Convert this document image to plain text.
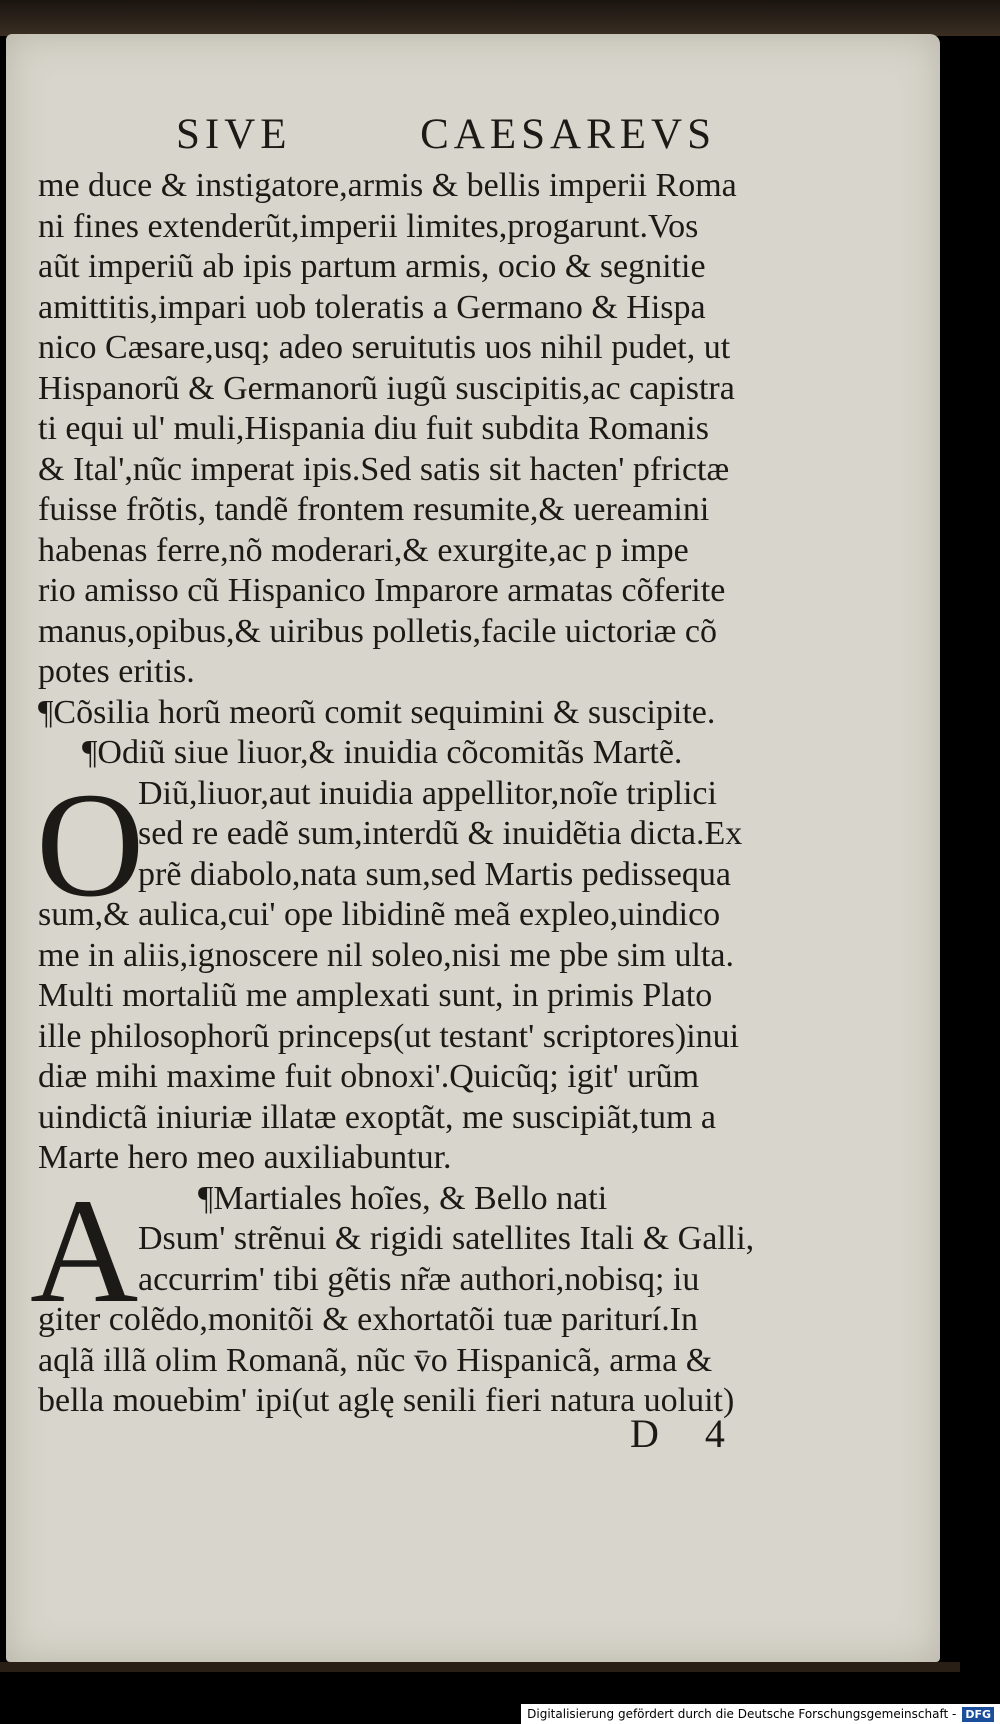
SIVE	CAESAREVS
me duce & instigatore,armis & bellis imperii Roma
ni fines extenderũt,imperii limites,progarunt.Vos
aũt imperiũ ab ipis partum armis, ocio & segnitie
amittitis,impari uob toleratis a Germano & Hispa
nico Cæsare,usq; adeo seruitutis uos nihil pudet, ut
Hispanorũ & Germanorũ iugũ suscipitis,ac capistra
ti equi ul' muli,Hispania diu fuit subdita Romanis
& Ital',nũc imperat ipis.Sed satis sit hacten' pfrictæ
fuisse frõtis, tandẽ frontem resumite,& uereamini
habenas ferre,nõ moderari,& exurgite,ac p impe
rio amisso cũ Hispanico Imparore armatas cõferite
manus,opibus,& uiribus polletis,facile uictoriæ cõ
potes eritis.
¶Cõsilia horũ meorũ comit sequimini & suscipite.
¶Odiũ siue liuor,& inuidia cõcomitãs Martẽ.
Diũ,liuor,aut inuidia appellitor,noĩe triplici
sed re eadẽ sum,interdũ & inuidẽtia dicta.Ex
prẽ diabolo,nata sum,sed Martis pedissequa
sum,& aulica,cui' ope libidinẽ meã expleo,uindico
me in aliis,ignoscere nil soleo,nisi me pbe sim ulta.
Multi mortaliũ me amplexati sunt, in primis Plato
ille philosophorũ princeps(ut testant' scriptores)inui
diæ mihi maxime fuit obnoxi'.Quicũq; igit' urũm
uindictã iniuriæ illatæ exoptãt, me suscipiãt,tum a
Marte hero meo auxiliabuntur.
¶Martiales hoĩes, & Bello nati
Dsum' strẽnui & rigidi satellites Itali & Galli,
accurrim' tibi gẽtis nr̃æ authori,nobisq; iu
giter colẽdo,monitõi & exhortatõi tuæ pariturí.In
aqlã illã olim Romanã, nũc v̄o Hispanicã, arma &
bella mouebim' ipi(ut aglę senili fieri natura uoluit)
O
A
D 4
Digitalisierung gefördert durch die Deutsche Forschungsgemeinschaft - DFG
